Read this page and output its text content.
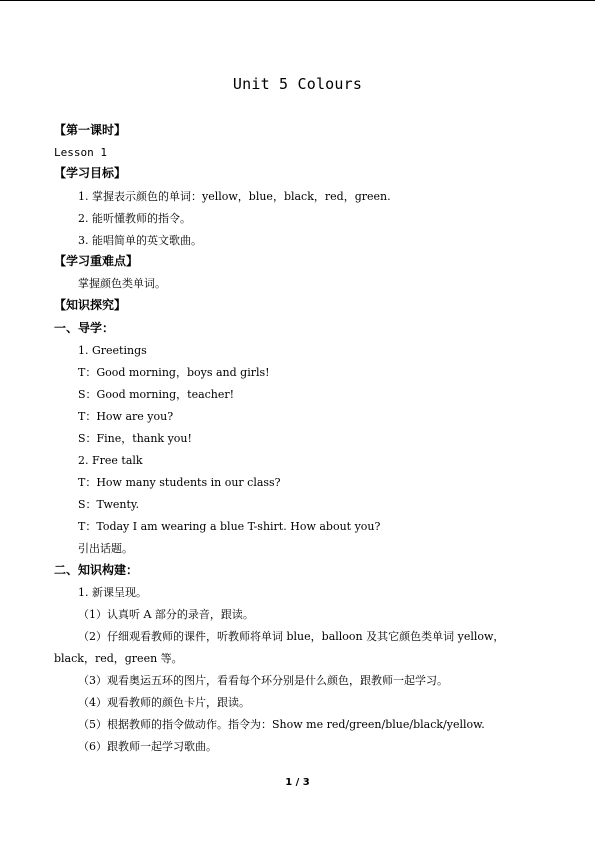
Unit 5 Colours
【第一课时】
Lesson 1
【学习目标】
1. 掌握表示颜色的单词：yellow，blue，black，red，green.
2. 能听懂教师的指令。
3. 能唱简单的英文歌曲。
【学习重难点】
掌握颜色类单词。
【知识探究】
一、导学：
1. Greetings
T：Good morning，boys and girls!
S：Good morning，teacher!
T：How are you?
S：Fine，thank you!
2. Free talk
T：How many students in our class?
S：Twenty.
T：Today I am wearing a blue T-shirt. How about you?
引出话题。
二、知识构建：
1. 新课呈现。
（1）认真听 A 部分的录音，跟读。
（2）仔细观看教师的课件，听教师将单词 blue，balloon 及其它颜色类单词 yellow，
black，red，green 等。
（3）观看奥运五环的图片，看看每个环分别是什么颜色，跟教师一起学习。
（4）观看教师的颜色卡片，跟读。
（5）根据教师的指令做动作。指令为：Show me red/green/blue/black/yellow.
（6）跟教师一起学习歌曲。
1 / 3
